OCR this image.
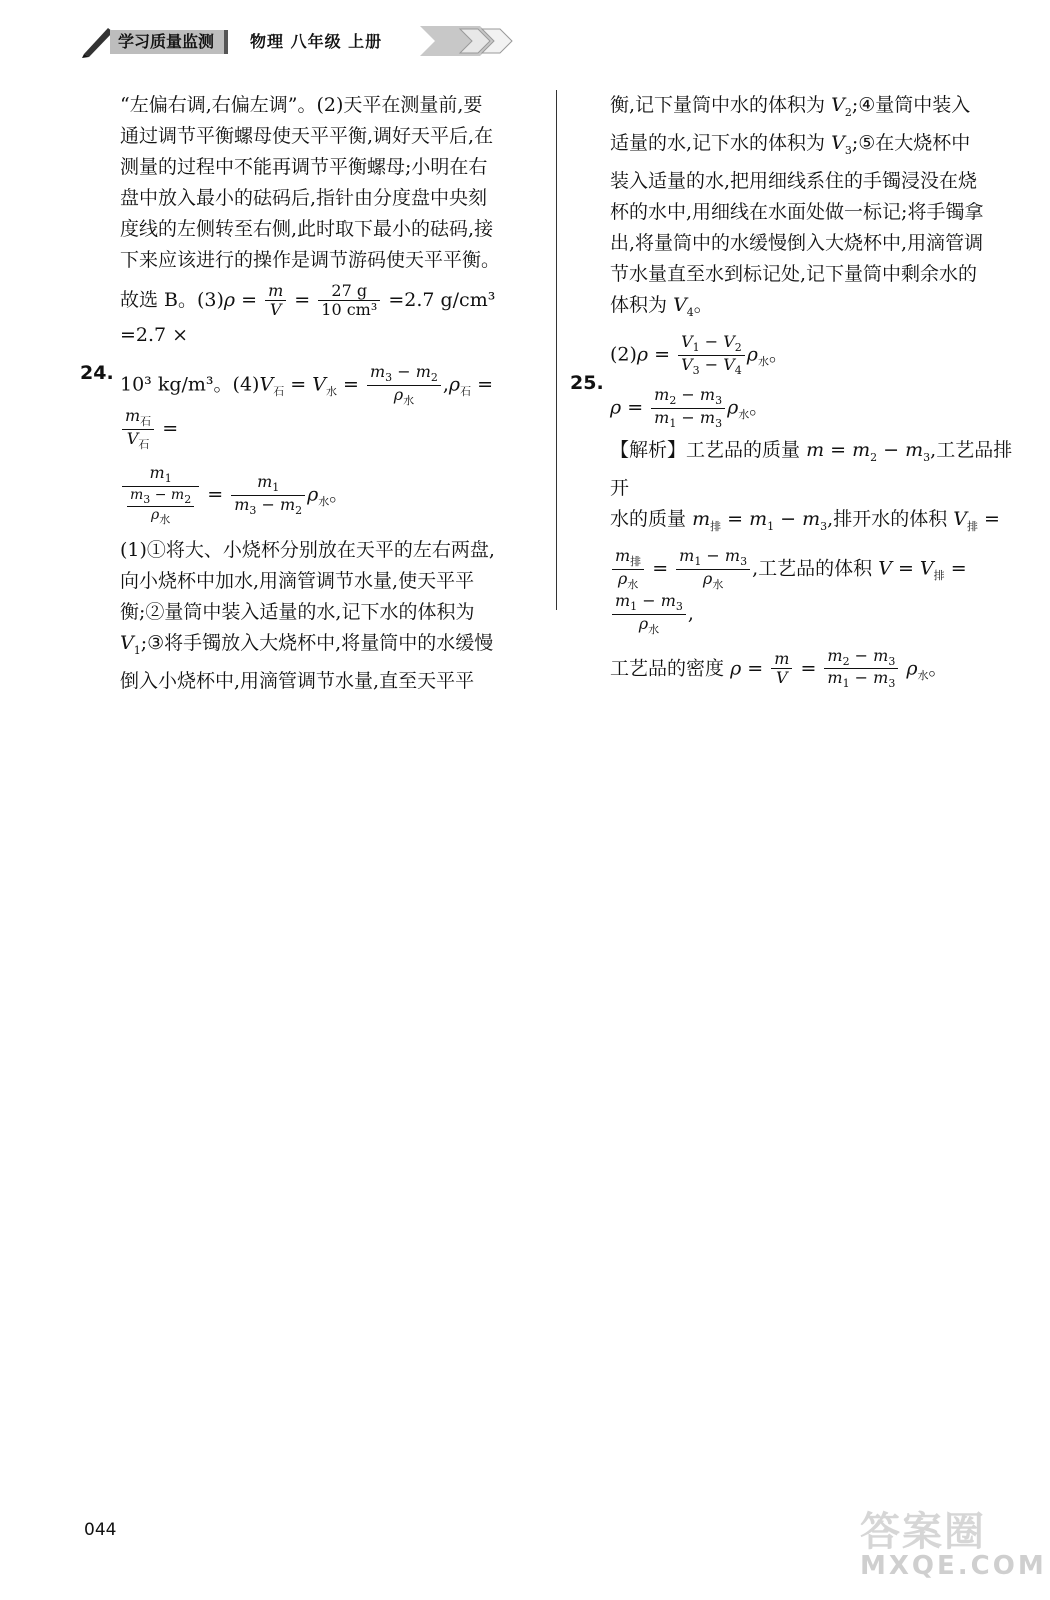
学习质量监测	物理 八年级 上册

“左偏右调,右偏左调”。(2)天平在测量前,要

通过调节平衡螺母使天平平衡,调好天平后,在

测量的过程中不能再调节平衡螺母;小明在右

盘中放入最小的砝码后,指针由分度盘中央刻

度线的左侧转至右侧,此时取下最小的砝码,接

下来应该进行的操作是调节游码使天平平衡。

故选 B。$(3)\rho = \frac{m}{V} = \frac{27 g}{\text{10 cm³}} =2.7$ g/cm³ =2.7 ×

10³ kg/m³。$(4)V_石 = V_水 = \frac{m_3 - m_2}{\rho_水} ,\rho_石$ =
$\frac{m_石}{V_石}$ =

$\frac{m_1}{\frac{m_3 - m_2}{\rho_水}} = \frac{m_1}{m_3 - m_2} \rho_水$。

(1)①将大、小烧杯分别放在天平的左右两盘,

向小烧杯中加水,用滴管调节水量,使天平平

衡;②量筒中装入适量的水,记下水的体积为

$V_1;③$将手镯放入大烧杯中,将量筒中的水缓慢

倒入小烧杯中,用滴管调节水量,直至天平平

24.

衡,记下量筒中水的体积为 $V_2;④$量筒中装入

适量的水,记下水的体积为 $V_3;⑤$在大烧杯中

装入适量的水,把用细线系住的手镯浸没在烧

杯的水中,用细线在水面处做一标记;将手镯拿

出,将量筒中的水缓慢倒入大烧杯中,用滴管调

节水量直至水到标记处,记下量筒中剩余水的

体积为 $V_4$。

$(2)\rho = \frac{V_1 - V_2}{V_3 - V_4} \rho_水$。

$\rho = \frac{m_2 - m_3}{m_1 - m_3} \rho_水$。

【解析】工艺品的质量 $m = m_2 - m_3$,工艺品排开

水的质量 $m_排 = m_1 - m_3$,排开水的体积 $V_排$ =

$\frac{m_排}{\rho_水} = \frac{m_1 - m_3}{\rho_水}$ ,工艺品的体积 $V = V_排$ =
$\frac{m_1 - m_3}{\rho_水}$ ,

工艺品的密度 $\rho = \frac{m}{V} = \frac{m_2 - m_3}{m_1 - m_3} \rho_水$。

25.
044	答案圈
MXQE.COM
